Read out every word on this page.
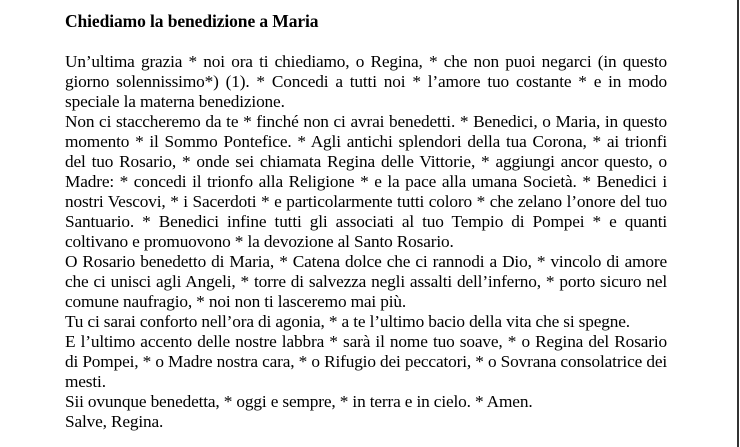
Chiediamo la benedizione a Maria

Un’ultima grazia * noi ora ti chiediamo, o Regina, * che non puoi negarci (in questo giorno solennissimo*) (1). * Concedi a tutti noi * l’amore tuo costante * e in modo speciale la materna benedizione.

Non ci staccheremo da te * finché non ci avrai benedetti. * Benedici, o Maria, in questo momento * il Sommo Pontefice. * Agli antichi splendori della tua Corona, * ai trionfi del tuo Rosario, * onde sei chiamata Regina delle Vittorie, * aggiungi ancor questo, o Madre: * concedi il trionfo alla Religione * e la pace alla umana Società. * Benedici i nostri Vescovi, * i Sacerdoti * e particolarmente tutti coloro * che zelano l’onore del tuo Santuario. * Benedici infine tutti gli associati al tuo Tempio di Pompei * e quanti coltivano e promuovono * la devozione al Santo Rosario.

O Rosario benedetto di Maria, * Catena dolce che ci rannodi a Dio, * vincolo di amore che ci unisci agli Angeli, * torre di salvezza negli assalti dell’inferno, * porto sicuro nel comune naufragio, * noi non ti lasceremo mai più.

Tu ci sarai conforto nell’ora di agonia, * a te l’ultimo bacio della vita che si spegne.

E l’ultimo accento delle nostre labbra * sarà il nome tuo soave, * o Regina del Rosario di Pompei, * o Madre nostra cara, * o Rifugio dei peccatori, * o Sovrana consolatrice dei mesti.

Sii ovunque benedetta, * oggi e sempre, * in terra e in cielo. * Amen.

Salve, Regina.
